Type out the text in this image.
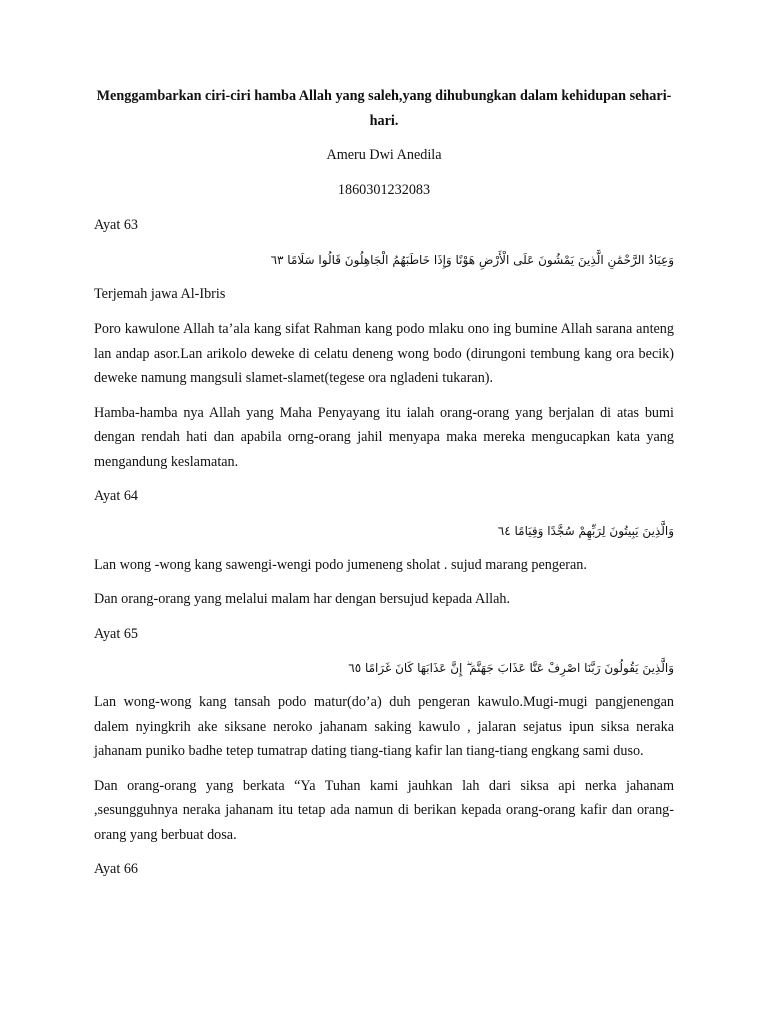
Menggambarkan ciri-ciri hamba Allah yang saleh,yang dihubungkan dalam kehidupan sehari-hari.

Ameru Dwi Anedila

1860301232083

Ayat 63

وَعِبَادُ الرَّحْمَٰنِ الَّذِينَ يَمْشُونَ عَلَى الْأَرْضِ هَوْنًا وَإِذَا خَاطَبَهُمُ الْجَاهِلُونَ قَالُوا سَلَامًا ٦٣

Terjemah jawa Al-Ibris

Poro kawulone Allah ta’ala kang sifat Rahman kang podo mlaku ono ing bumine Allah sarana anteng lan andap asor.Lan arikolo deweke di celatu deneng wong bodo (dirungoni tembung kang ora becik) deweke namung mangsuli slamet-slamet(tegese ora ngladeni tukaran).

Hamba-hamba nya Allah yang Maha Penyayang itu ialah orang-orang yang berjalan di atas bumi dengan rendah hati dan apabila orng-orang jahil menyapa maka mereka mengucapkan kata yang mengandung keslamatan.

Ayat 64

وَالَّذِينَ يَبِيتُونَ لِرَبِّهِمْ سُجَّدًا وَقِيَامًا ٦٤

Lan wong -wong kang sawengi-wengi podo jumeneng sholat . sujud marang pengeran.

Dan orang-orang yang melalui malam har dengan bersujud kepada Allah.

Ayat 65

وَالَّذِينَ يَقُولُونَ رَبَّنَا اصْرِفْ عَنَّا عَذَابَ جَهَنَّمَ ۖ إِنَّ عَذَابَهَا كَانَ غَرَامًا ٦٥

Lan wong-wong kang tansah podo matur(do’a) duh pengeran kawulo.Mugi-mugi pangjenengan dalem nyingkrih ake siksane neroko jahanam saking kawulo , jalaran sejatus ipun siksa neraka jahanam puniko badhe tetep tumatrap dating tiang-tiang kafir lan tiang-tiang engkang sami duso.

Dan orang-orang yang berkata “Ya Tuhan kami jauhkan lah dari siksa api nerka jahanam ,sesungguhnya neraka jahanam itu tetap ada namun di berikan kepada orang-orang kafir dan orang-orang yang berbuat dosa.

Ayat 66
